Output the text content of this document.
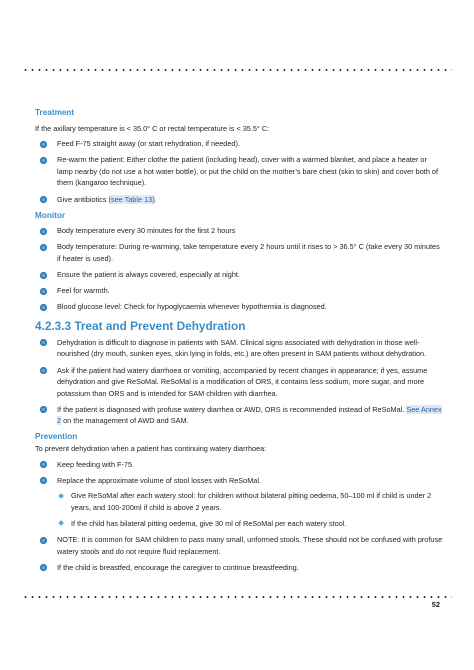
Treatment

If the axillary temperature is < 35.0° C or rectal temperature is < 35.5° C:

Feed F-75 straight away (or start rehydration, if needed).
Re-warm the patient: Either clothe the patient (including head), cover with a warmed blanket, and place a heater or lamp nearby (do not use a hot water bottle), or put the child on the mother’s bare chest (skin to skin) and cover both of them (kangaroo technique).
Give antibiotics (see Table 13).
Monitor
Body temperature every 30 minutes for the first 2 hours
Body temperature: During re-warming, take temperature every 2 hours until it rises to > 36.5° C (take every 30 minutes if heater is used).
Ensure the patient is always covered, especially at night.
Feel for warmth.
Blood glucose level: Check for hypoglycaemia whenever hypothermia is diagnosed.
4.2.3.3 Treat and Prevent Dehydration
Dehydration is difficult to diagnose in patients with SAM. Clinical signs associated with dehydration in those well-nourished (dry mouth, sunken eyes, skin lying in folds, etc.) are often present in SAM patients without dehydration.
Ask if the patient had watery diarrhoea or vomiting, accompanied by recent changes in appearance; if yes, assume dehydration and give ReSoMal. ReSoMal is a modification of ORS, it contains less sodium, more sugar, and more potassium than ORS and is intended for SAM children with diarrhea.
If the patient is diagnosed with profuse watery diarrhea or AWD, ORS is recommended instead of ReSoMal. See Annex 2 on the management of AWD and SAM.
Prevention

To prevent dehydration when a patient has continuing watery diarrhoea:

Keep feeding with F-75.
Replace the approximate volume of stool losses with ReSoMal.
Give ReSoMal after each watery stool: for children without bilateral pitting oedema, 50–100 ml if child is under 2 years, and 100-200ml if child is above 2 years.
If the child has bilateral pitting oedema, give 30 ml of ReSoMal per each watery stool.
NOTE: It is common for SAM children to pass many small, unformed stools. These should not be confused with profuse watery stools and do not require fluid replacement.
If the child is breastfed, encourage the caregiver to continue breastfeeding.
52
